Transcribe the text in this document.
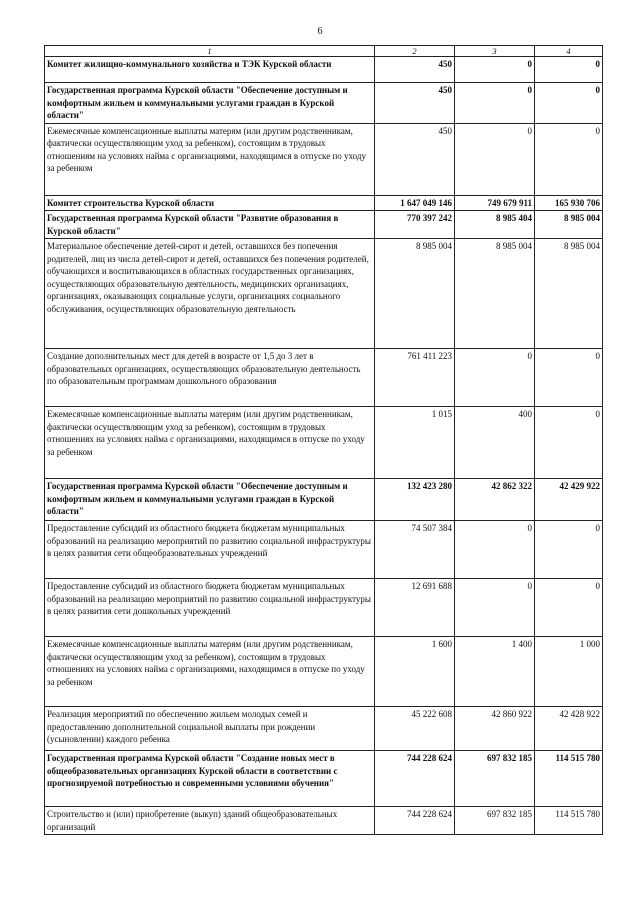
6
1	2	3	4
Комитет жилищно-коммунального хозяйства и ТЭК Курской области	450	0	0
Государственная программа Курской области "Обеспечение доступным и комфортным жильем и коммунальными услугами граждан в Курской области"	450	0	0
Ежемесячные компенсационные выплаты матерям (или другим родственникам, фактически осуществляющим уход за ребенком), состоящим в трудовых отношениям на условиях найма с организациями, находящимся в отпуске по уходу за ребенком	450	0	0
Комитет строительства Курской области	1 647 049 146	749 679 911	165 930 706
Государственная программа Курской области "Развитие образования в Курской области"	770 397 242	8 985 404	8 985 004
Материальное обеспечение детей-сирот и детей, оставшихся без попечения родителей, лиц из числа детей-сирот и детей, оставшихся без попечения родителей, обучающихся и воспитывающихся в областных государственных организациях, осуществляющих образовательную деятельность, медицинских организациях, организациях, оказывающих социальные услуги, организациях социального обслуживания, осуществляющих образовательную деятельность	8 985 004	8 985 004	8 985 004
Создание дополнительных мест для детей в возрасте от 1,5 до 3 лет в образовательных организациях, осуществляющих образовательную деятельность по образовательным программам дошкольного образования	761 411 223	0	0
Ежемесячные компенсационные выплаты матерям (или другим родственникам, фактически осуществляющим уход за ребенком), состоящим в трудовых отношениях на условиях найма с организациями, находящимся в отпуске по уходу за ребенком	1 015	400	0
Государственная программа Курской области "Обеспечение доступным и комфортным жильем и коммунальными услугами граждан в Курской области"	132 423 280	42 862 322	42 429 922
Предоставление субсидий из областного бюджета бюджетам муниципальных образований на реализацию мероприятий по развитию социальной инфраструктуры в целях развития сети общеобразовательных учреждений	74 507 384	0	0
Предоставление субсидий из областного бюджета бюджетам муниципальных образований на реализацию мероприятий по развитию социальной инфраструктуры в целях развития сети дошкольных учреждений	12 691 688	0	0
Ежемесячные компенсационные выплаты матерям (или другим родственникам, фактически осуществляющим уход за ребенком), состоящим в трудовых отношениях на условиях найма с организациями, находящимся в отпуске по уходу за ребенком	1 600	1 400	1 000
Реализация мероприятий по обеспечению жильем молодых семей и предоставлению дополнительной социальной выплаты при рождении (усыновлении) каждого ребенка	45 222 608	42 860 922	42 428 922
Государственная программа Курской области "Создание новых мест в общеобразовательных организациях Курской области в соответствии с прогнозируемой потребностью и современными условиями обучения"	744 228 624	697 832 185	114 515 780
Строительство и (или) приобретение (выкуп) зданий общеобразовательных организаций	744 228 624	697 832 185	114 515 780
